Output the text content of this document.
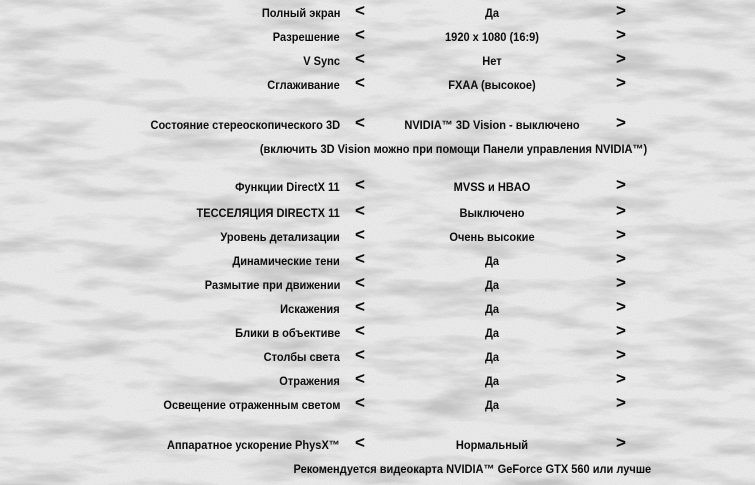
Полный экран <	Да	>
Разрешение <	1920 x 1080 (16:9)	>
V Sync <	Нет	>
Сглаживание <	FXAA (высокое)	>
Состояние стереоскопического 3D <	NVIDIA™ 3D Vision - выключено	>
(включить 3D Vision можно при помощи Панели управления NVIDIA™)
Функции DirectX 11 <	MVSS и HBAO	>
ТЕССЕЛЯЦИЯ DIRECTX 11 <	Выключено	>
Уровень детализации <	Очень высокие	>
Динамические тени <	Да	>
Размытие при движении <	Да	>
Искажения <	Да	>
Блики в объективе <	Да	>
Столбы света <	Да	>
Отражения <	Да	>
Освещение отраженным светом <	Да	>
Аппаратное ускорение PhysX™ <	Нормальный	>
Рекомендуется видеокарта NVIDIA™ GeForce GTX 560 или лучше
